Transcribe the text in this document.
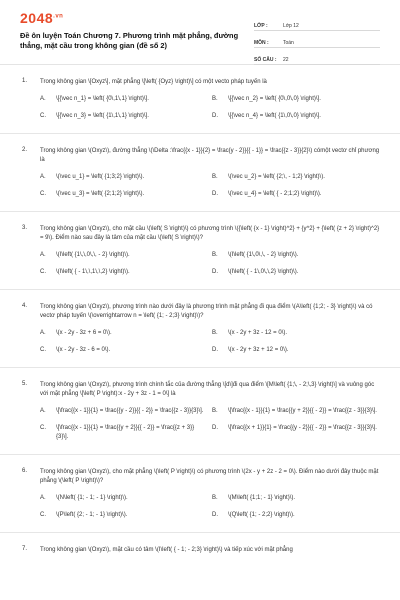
$2048^{.vn}$
Đề ôn luyện Toán Chương 7. Phương trình mặt phẳng, đường thẳng, mặt cầu trong không gian (đề số 2)
LỚP :	Lớp 12
MÔN :	Toán
SỐ CÂU :	22
1. Trong không gian \[Oxyz\], mặt phẳng \[\left( {Oyz} \right)\] có một vecto pháp tuyến là
A.	\[{\vec n_1} = \left( {0\,1\,1} \right)\].	B.	\[{\vec n_2} = \left( {0\,0\,0} \right)\].
C.	\[{\vec n_3} = \left( {1\,1\,1} \right)\].	D.	\[{\vec n_4} = \left( {1\,0\,0} \right)\].
2. Trong không gian \(Oxyz\), đường thẳng \(\Delta :\frac{{x - 1}}{2} = \frac{y - 2}}{{ - 1}} = \frac{{z - 3}}{2}\) cómột vectơ chỉ phương là
A.	\(\vec u_1} = \left( {1;3;2} \right)\).	B.	\(\vec u_2} = \left( {2;\, - 1;2} \right)\).
C.	\(\vec u_3} = \left( {2;1;2} \right)\).	D.	\(\vec u_4} = \left( { - 2;1;2} \right)\).
3. Trong không gian \(Oxyz\), cho mặt cầu \(\left( S \right)\) có phương trình \({\left( {x - 1} \right)^2} + {y^2} + {\left( {z + 2} \right)^2} = 9\). Điểm nào sau đây là tâm của mặt cầu \(\left( S \right)\)?
A.	\(I\left( {1\,\,0\,\, - 2} \right)\).	B.	\(I\left( {1\,0\,\, - 2} \right)\).
C.	\(I\left( { - 1\,\,1\,\,2} \right)\).	D.	\(I\left( { - 1\,0\,\,2} \right)\).
4. Trong không gian \(Oxyz\), phương trình nào dưới đây là phương trình mặt phẳng đi qua điểm \(A\left( {1;2; - 3} \right)\) và có vectơ pháp tuyến \(\overrightarrow n = \left( {1; - 2;3} \right)\)?
A.	\(x - 2y - 3z + 6 = 0\).	B.	\(x - 2y + 3z - 12 = 0\).
C.	\(x - 2y - 3z - 6 = 0\).	D.	\(x - 2y + 3z + 12 = 0\).
5. Trong không gian \(Oxyz\), phương trình chính tắc của đường thẳng \[d\]đi qua điểm \[M\left( {1;\, - 2;\,3} \right)\] và vuông góc với mặt phẳng \[\left( P \right):x - 2y + 3z - 1 = 0\] là
A.	\[\frac{{x - 1}}{1} = \frac{{y - 2}}{{ - 2}} = \frac{{z - 3}}{3}\].	B.	\[\frac{{x - 1}}{1} = \frac{{y + 2}}{{ - 2}} = \frac{{z - 3}}{3}\].
C.	\[\frac{{x - 1}}{1} = \frac{{y + 2}}{{ - 2}} = \frac{{z + 3}}{3}\].
D.	\[\frac{{x + 1}}{1} = \frac{{y - 2}}{{ - 2}} = \frac{{z - 3}}{3}\].
6. Trong không gian \(Oxyz\), cho mặt phẳng \(\left( P \right)\) có phương trình \(2x - y + 2z - 2 = 0\). Điểm nào dưới đây thuộc mặt phẳng \(\left( P \right)\)?
A.	\(N\left( {1; - 1; - 1} \right)\).	B.	\(M\left( {1;1; - 1} \right)\).
C.	\(P\left( {2; - 1; - 1} \right)\).	D.	\(Q\left( {1; - 2;2} \right)\).
7. Trong không gian \(Oxyz\), mặt cầu có tâm \(I\left( { - 1; - 2;3} \right)\) và tiếp xúc với mặt phẳng
